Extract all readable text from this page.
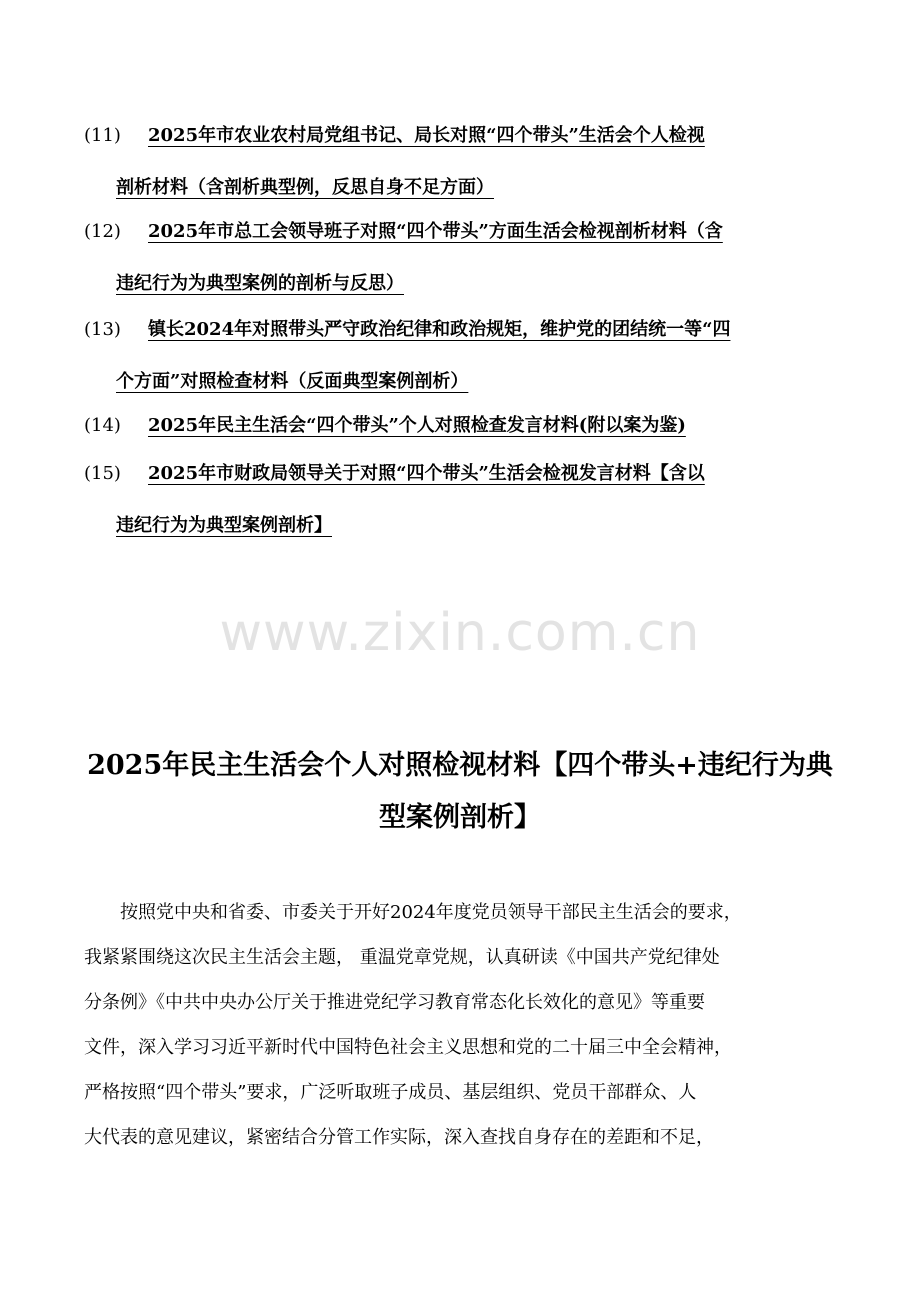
(11)	2025年市农业农村局党组书记、局长对照“四个带头”生活会个人检视
剖析材料（含剖析典型例，反思自身不足方面）
(12)	2025年市总工会领导班子对照“四个带头”方面生活会检视剖析材料（含
违纪行为为典型案例的剖析与反思）
(13)	镇长2024年对照带头严守政治纪律和政治规矩，维护党的团结统一等“四
个方面”对照检查材料（反面典型案例剖析）
(14)	2025年民主生活会“四个带头”个人对照检查发言材料(附以案为鉴)
(15)	2025年市财政局领导关于对照“四个带头”生活会检视发言材料【含以
违纪行为为典型案例剖析】
www.zixin.com.cn
2025年民主生活会个人对照检视材料【四个带头+违纪行为典
型案例剖析】
　　按照党中央和省委、市委关于开好2024年度党员领导干部民主生活会的要求，
我紧紧围绕这次民主生活会主题， 重温党章党规，认真研读《中国共产党纪律处
分条例》《中共中央办公厅关于推进党纪学习教育常态化长效化的意见》等重要
文件，深入学习习近平新时代中国特色社会主义思想和党的二十届三中全会精神，
严格按照“四个带头”要求，广泛听取班子成员、基层组织、党员干部群众、人
大代表的意见建议，紧密结合分管工作实际，深入查找自身存在的差距和不足，
